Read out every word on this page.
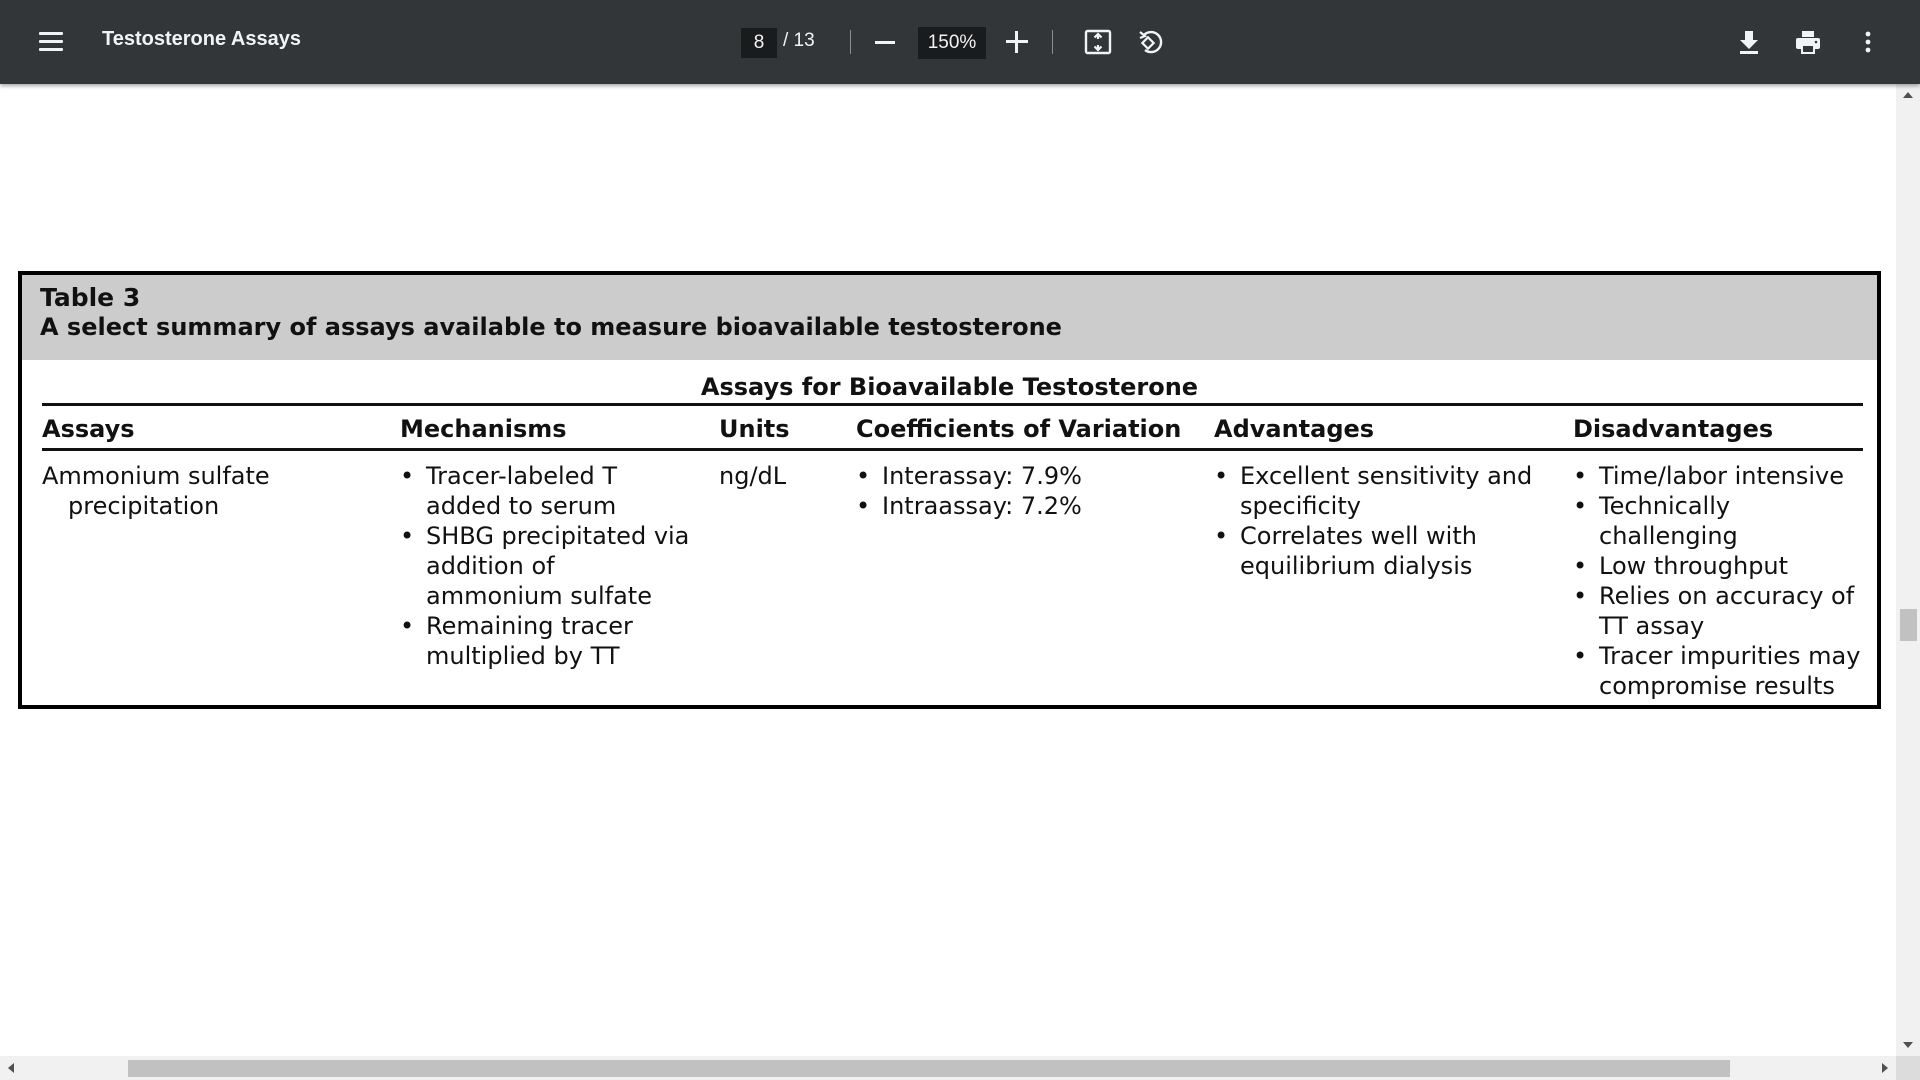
Testosterone Assays	8 / 13	150%
Table 3
A select summary of assays available to measure bioavailable testosterone
Assays for Bioavailable Testosterone
Assays	Mechanisms	Units	Coefficients of Variation Advantages	Disadvantages
Ammonium sulfate
precipitation
• Tracer-labeled T added to serum
• SHBG precipitated via addition of ammonium sulfate
• Remaining tracer multiplied by TT
ng/dL
•	Interassay: 7.9%
• Intraassay: 7.2%
• Excellent sensitivity and specificity
• Correlates well with equilibrium dialysis
• Time/labor intensive
• Technically challenging
• Low throughput
• Relies on accuracy of TT assay
• Tracer impurities may compromise results
